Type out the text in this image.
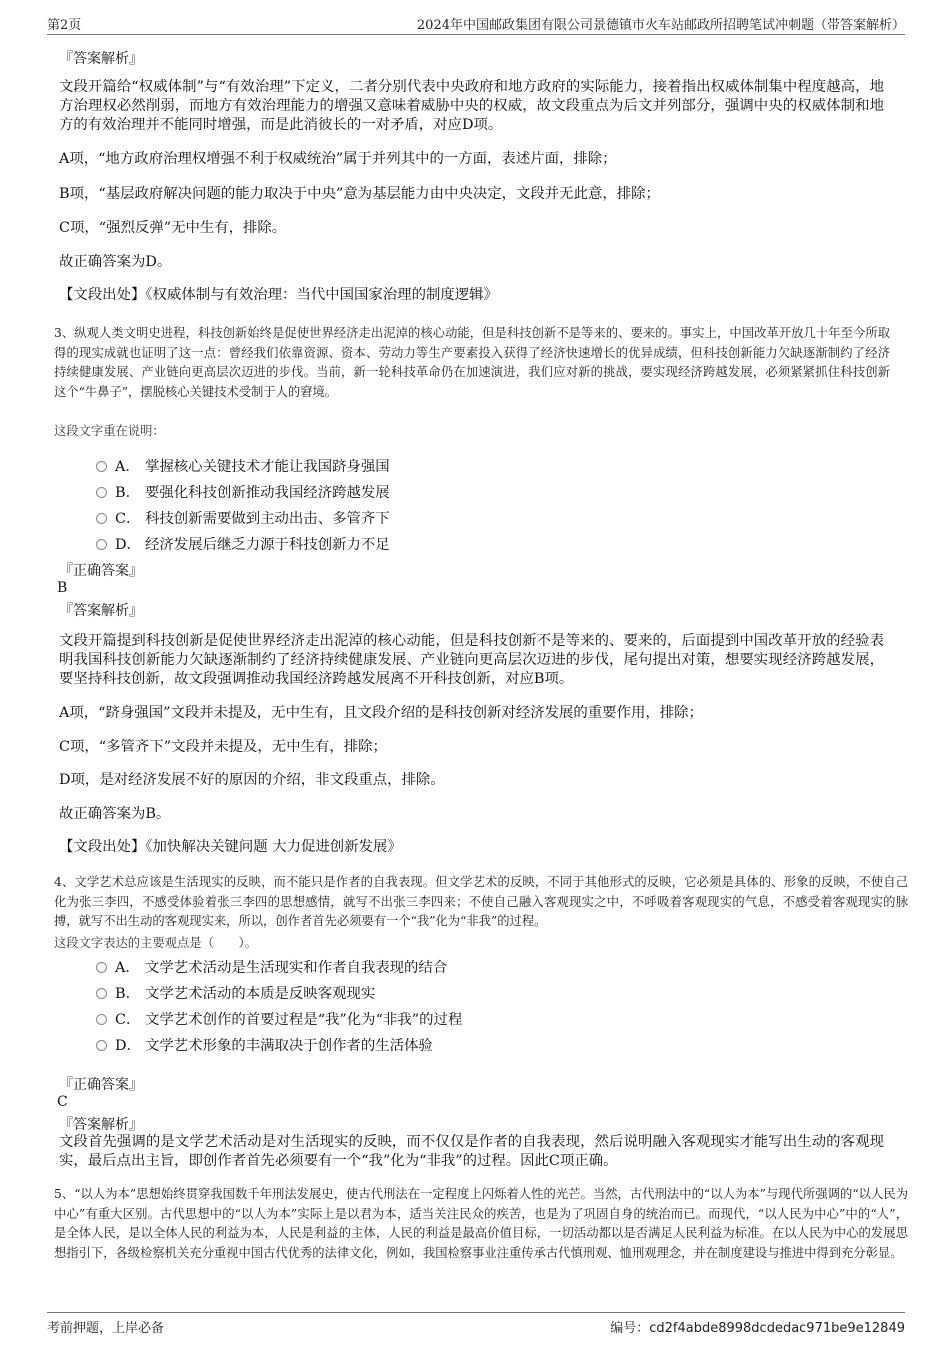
第2页	2024年中国邮政集团有限公司景德镇市火车站邮政所招聘笔试冲刺题（带答案解析）
『答案解析』
文段开篇给“权威体制”与“有效治理”下定义，二者分别代表中央政府和地方政府的实际能力，接着指出权威体制集中程度越高，地方治理权必然削弱，而地方有效治理能力的增强又意味着威胁中央的权威，故文段重点为后文并列部分，强调中央的权威体制和地方的有效治理并不能同时增强，而是此消彼长的一对矛盾，对应D项。
A项，“地方政府治理权增强不利于权威统治”属于并列其中的一方面，表述片面，排除；
B项，“基层政府解决问题的能力取决于中央”意为基层能力由中央决定，文段并无此意，排除；
C项，“强烈反弹”无中生有，排除。
故正确答案为D。
【文段出处】《权威体制与有效治理：当代中国国家治理的制度逻辑》
3、纵观人类文明史进程，科技创新始终是促使世界经济走出泥淖的核心动能，但是科技创新不是等来的、要来的。事实上，中国改革开放几十年至今所取得的现实成就也证明了这一点：曾经我们依靠资源、资本、劳动力等生产要素投入获得了经济快速增长的优异成绩，但科技创新能力欠缺逐渐制约了经济持续健康发展、产业链向更高层次迈进的步伐。当前，新一轮科技革命仍在加速演进，我们应对新的挑战，要实现经济跨越发展，必须紧紧抓住科技创新这个“牛鼻子”，摆脱核心关键技术受制于人的窘境。
这段文字重在说明：
A． 掌握核心关键技术才能让我国跻身强国
B． 要强化科技创新推动我国经济跨越发展
C． 科技创新需要做到主动出击、多管齐下
D． 经济发展后继乏力源于科技创新力不足
『正确答案』
B
『答案解析』
文段开篇提到科技创新是促使世界经济走出泥淖的核心动能，但是科技创新不是等来的、要来的，后面提到中国改革开放的经验表明我国科技创新能力欠缺逐渐制约了经济持续健康发展、产业链向更高层次迈进的步伐，尾句提出对策，想要实现经济跨越发展，要坚持科技创新，故文段强调推动我国经济跨越发展离不开科技创新，对应B项。
A项，“跻身强国”文段并未提及，无中生有，且文段介绍的是科技创新对经济发展的重要作用，排除；
C项，“多管齐下”文段并未提及，无中生有，排除；
D项，是对经济发展不好的原因的介绍，非文段重点，排除。
故正确答案为B。
【文段出处】《加快解决关键问题 大力促进创新发展》
4、文学艺术总应该是生活现实的反映，而不能只是作者的自我表现。但文学艺术的反映，不同于其他形式的反映，它必须是具体的、形象的反映，不使自己化为张三李四，不感受体验着张三李四的思想感情，就写不出张三李四来；不使自己融入客观现实之中，不呼吸着客观现实的气息，不感受着客观现实的脉搏，就写不出生动的客观现实来，所以，创作者首先必须要有一个“我”化为“非我”的过程。
这段文字表达的主要观点是（　　）。
A． 文学艺术活动是生活现实和作者自我表现的结合
B． 文学艺术活动的本质是反映客观现实
C． 文学艺术创作的首要过程是“我”化为“非我”的过程
D． 文学艺术形象的丰满取决于创作者的生活体验
『正确答案』
C
『答案解析』
文段首先强调的是文学艺术活动是对生活现实的反映，而不仅仅是作者的自我表现，然后说明融入客观现实才能写出生动的客观现实，最后点出主旨，即创作者首先必须要有一个“我”化为“非我”的过程。因此C项正确。
5、“以人为本”思想始终贯穿我国数千年刑法发展史，使古代刑法在一定程度上闪烁着人性的光芒。当然，古代刑法中的“以人为本”与现代所强调的“以人民为中心”有重大区别。古代思想中的“以人为本”实际上是以君为本，适当关注民众的疾苦，也是为了巩固自身的统治而已。而现代，“以人民为中心”中的“人”，是全体人民，是以全体人民的利益为本，人民是利益的主体，人民的利益是最高价值目标，一切活动都以是否满足人民利益为标准。在以人民为中心的发展思想指引下，各级检察机关充分重视中国古代优秀的法律文化，例如，我国检察事业注重传承古代慎刑观、恤刑观理念，并在制度建设与推进中得到充分彰显。
考前押题，上岸必备	编号：cd2f4abde8998dcdedac971be9e12849
